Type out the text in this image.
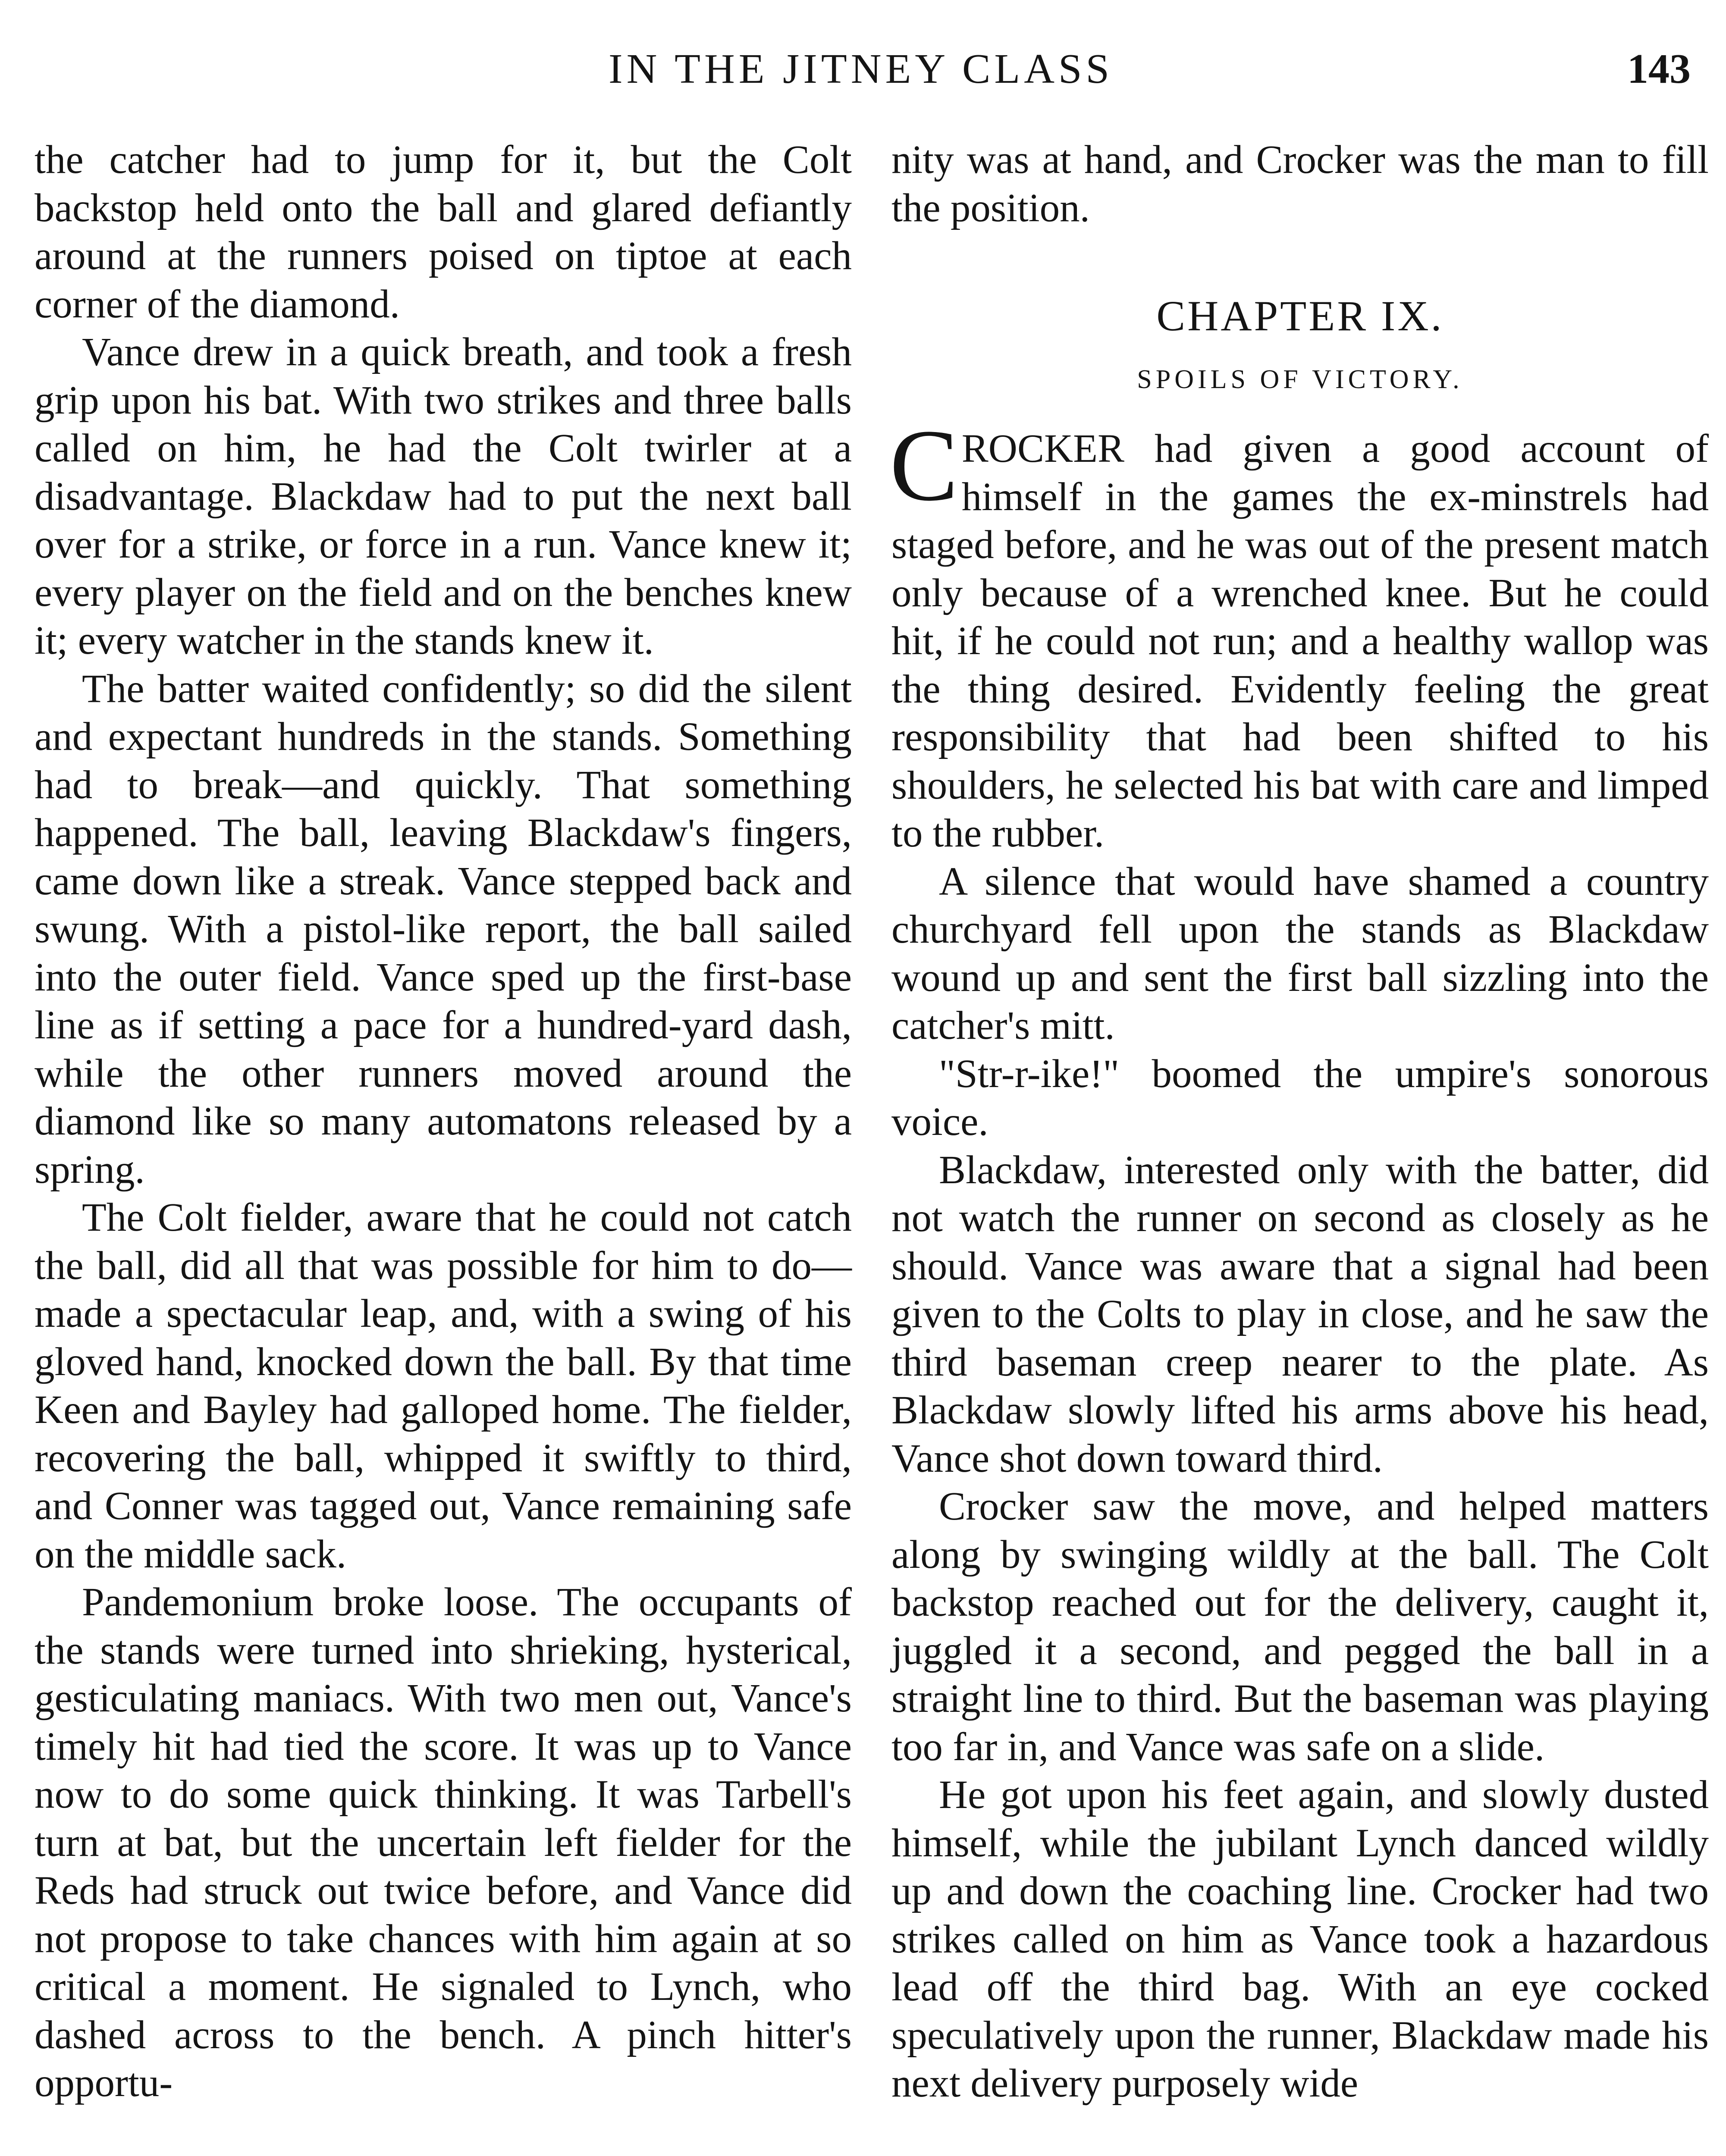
IN THE JITNEY CLASS	143

the catcher had to jump for it, but the Colt backstop held onto the ball and glared defiantly around at the runners poised on tiptoe at each corner of the diamond.

Vance drew in a quick breath, and took a fresh grip upon his bat. With two strikes and three balls called on him, he had the Colt twirler at a disadvantage. Blackdaw had to put the next ball over for a strike, or force in a run. Vance knew it; every player on the field and on the benches knew it; every watcher in the stands knew it.

The batter waited confidently; so did the silent and expectant hundreds in the stands. Something had to break—and quickly. That something happened. The ball, leaving Blackdaw's fingers, came down like a streak. Vance stepped back and swung. With a pistol-like report, the ball sailed into the outer field. Vance sped up the first-base line as if setting a pace for a hundred-yard dash, while the other runners moved around the diamond like so many automatons released by a spring.

The Colt fielder, aware that he could not catch the ball, did all that was possible for him to do—made a spectacular leap, and, with a swing of his gloved hand, knocked down the ball. By that time Keen and Bayley had galloped home. The fielder, recovering the ball, whipped it swiftly to third, and Conner was tagged out, Vance remaining safe on the middle sack.

Pandemonium broke loose. The occupants of the stands were turned into shrieking, hysterical, gesticulating maniacs. With two men out, Vance's timely hit had tied the score. It was up to Vance now to do some quick thinking. It was Tarbell's turn at bat, but the uncertain left fielder for the Reds had struck out twice before, and Vance did not propose to take chances with him again at so critical a moment. He signaled to Lynch, who dashed across to the bench. A pinch hitter's opportu-

nity was at hand, and Crocker was the man to fill the position.

CHAPTER IX.
SPOILS OF VICTORY.

CROCKER had given a good account of himself in the games the ex-minstrels had staged before, and he was out of the present match only because of a wrenched knee. But he could hit, if he could not run; and a healthy wallop was the thing desired. Evidently feeling the great responsibility that had been shifted to his shoulders, he selected his bat with care and limped to the rubber.

A silence that would have shamed a country churchyard fell upon the stands as Blackdaw wound up and sent the first ball sizzling into the catcher's mitt.

"Str-r-ike!" boomed the umpire's sonorous voice.

Blackdaw, interested only with the batter, did not watch the runner on second as closely as he should. Vance was aware that a signal had been given to the Colts to play in close, and he saw the third baseman creep nearer to the plate. As Blackdaw slowly lifted his arms above his head, Vance shot down toward third.

Crocker saw the move, and helped matters along by swinging wildly at the ball. The Colt backstop reached out for the delivery, caught it, juggled it a second, and pegged the ball in a straight line to third. But the baseman was playing too far in, and Vance was safe on a slide.

He got upon his feet again, and slowly dusted himself, while the jubilant Lynch danced wildly up and down the coaching line. Crocker had two strikes called on him as Vance took a hazardous lead off the third bag. With an eye cocked speculatively upon the runner, Blackdaw made his next delivery purposely wide
